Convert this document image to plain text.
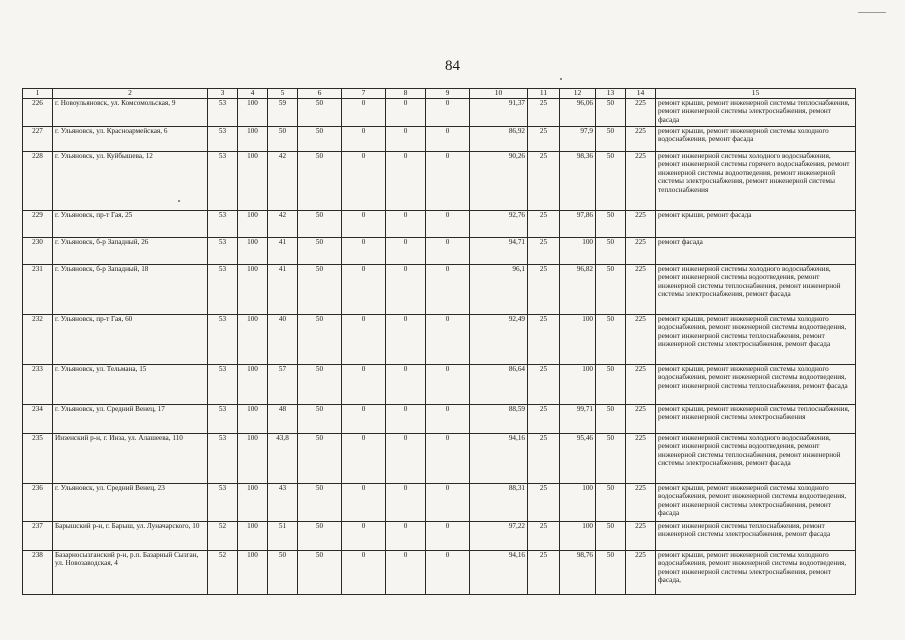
84
1	2	3	4	5	6	7	8	9	10	11	12	13	14	15
226	г. Новоульяновск, ул. Комсомольская, 9	53	100	59	50	0	0	0	91,37	25	96,06	50	225	ремонт крыши, ремонт инженерной системы теплоснабжения, ремонт инженерной системы электроснабжения, ремонт фасада
227	г. Ульяновск, ул. Красноармейская, 6	53	100	50	50	0	0	0	86,92	25	97,9	50	225	ремонт крыши, ремонт инженерной системы холодного водоснабжения, ремонт фасада
228	г. Ульяновск, ул. Куйбышева, 12	53	100	42	50	0	0	0	90,26	25	98,36	50	225	ремонт инженерной системы холодного водоснабжения, ремонт инженерной системы горячего водоснабжения, ремонт инженерной системы водоотведения, ремонт инженерной системы электроснабжения, ремонт инженерной системы теплоснабжения
229	г. Ульяновск, пр-т Гая, 25	53	100	42	50	0	0	0	92,76	25	97,86	50	225	ремонт крыши, ремонт фасада
230	г. Ульяновск, б-р Западный, 26	53	100	41	50	0	0	0	94,71	25	100	50	225	ремонт фасада
231	г. Ульяновск, б-р Западный, 18	53	100	41	50	0	0	0	96,1	25	96,82	50	225	ремонт инженерной системы холодного водоснабжения, ремонт инженерной системы водоотведения, ремонт инженерной системы теплоснабжения, ремонт инженерной системы электроснабжения, ремонт фасада
232	г. Ульяновск, пр-т Гая, 60	53	100	40	50	0	0	0	92,49	25	100	50	225	ремонт крыши, ремонт инженерной системы холодного водоснабжения, ремонт инженерной системы водоотведения, ремонт инженерной системы теплоснабжения, ремонт инженерной системы электроснабжения, ремонт фасада
233	г. Ульяновск, ул. Тельмана, 15	53	100	57	50	0	0	0	86,64	25	100	50	225	ремонт крыши, ремонт инженерной системы холодного водоснабжения, ремонт инженерной системы водоотведения, ремонт инженерной системы теплоснабжения, ремонт фасада
234	г. Ульяновск, ул. Средний Венец, 17	53	100	48	50	0	0	0	88,59	25	99,71	50	225	ремонт крыши, ремонт инженерной системы теплоснабжения, ремонт инженерной системы электроснабжения
235	Инзенский р-н, г. Инза, ул. Алашеева, 110	53	100	43,8	50	0	0	0	94,16	25	95,46	50	225	ремонт инженерной системы холодного водоснабжения, ремонт инженерной системы водоотведения, ремонт инженерной системы теплоснабжения, ремонт инженерной системы электроснабжения, ремонт фасада
236	г. Ульяновск, ул. Средний Венец, 23	53	100	43	50	0	0	0	88,31	25	100	50	225	ремонт крыши, ремонт инженерной системы холодного водоснабжения, ремонт инженерной системы водоотведения, ремонт инженерной системы электроснабжения, ремонт фасада
237	Барышский р-н, г. Барыш, ул. Луначарского, 10	52	100	51	50	0	0	0	97,22	25	100	50	225	ремонт инженерной системы теплоснабжения, ремонт инженерной системы электроснабжения, ремонт фасада
238	Базарносызганский р-н, р.п. Базарный Сызган, ул. Новозаводская, 4	52	100	50	50	0	0	0	94,16	25	98,76	50	225	ремонт крыши, ремонт инженерной системы холодного водоснабжения, ремонт инженерной системы водоотведения, ремонт инженерной системы электроснабжения, ремонт фасада,
